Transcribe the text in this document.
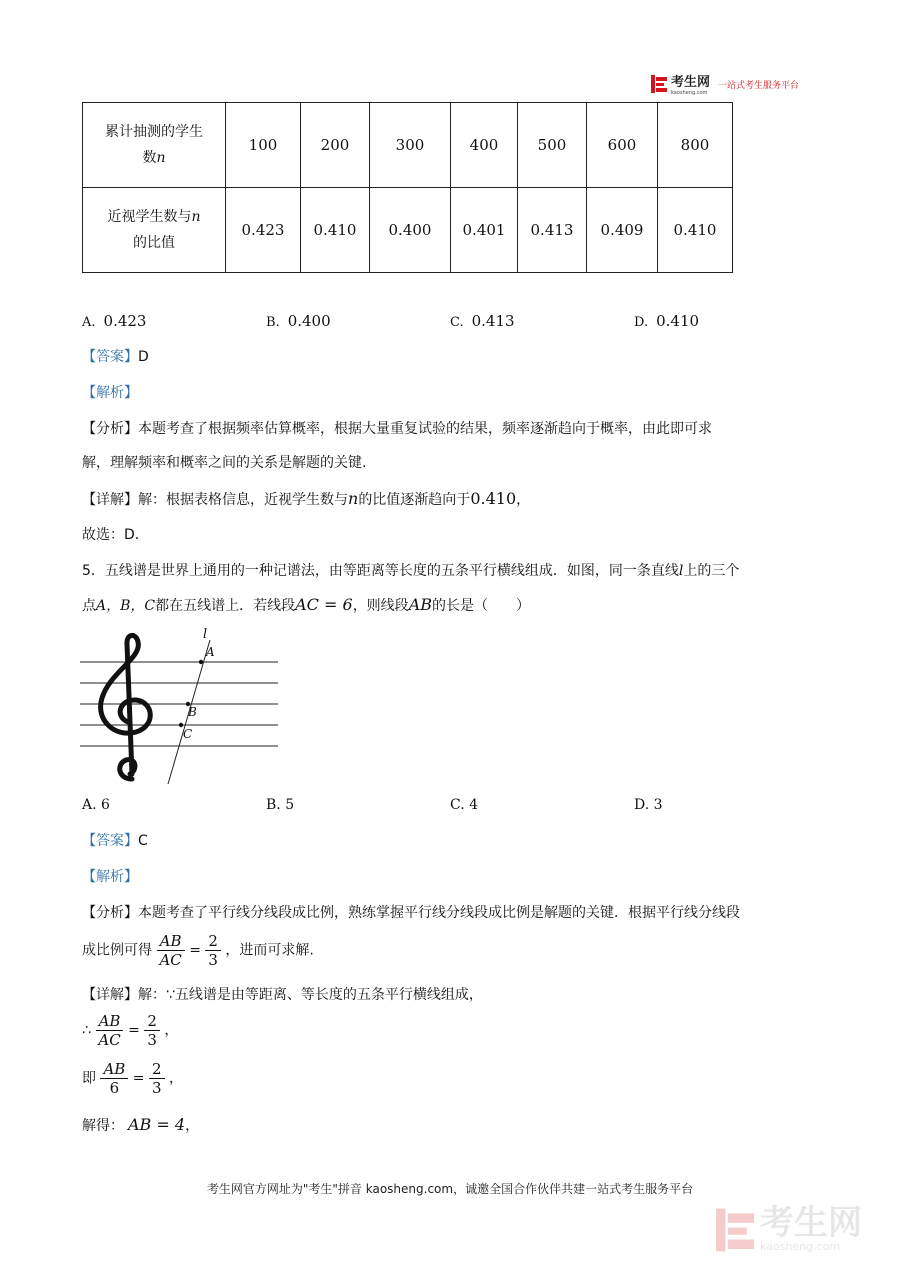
考生网
kaosheng.com
一站式考生服务平台
累计抽测的学生
数n	100	200	300	400	500	600	800
近视学生数与n
的比值	0.423	0.410	0.400	0.401	0.413	0.409	0.410
A. 0.423	B. 0.400	C. 0.413	D. 0.410
【答案】D
【解析】
【分析】本题考查了根据频率估算概率，根据大量重复试验的结果，频率逐渐趋向于概率，由此即可求
解，理解频率和概率之间的关系是解题的关键.
【详解】解：根据表格信息，近视学生数与n的比值逐渐趋向于0.410，
故选：D．
5．五线谱是世界上通用的一种记谱法，由等距离等长度的五条平行横线组成．如图，同一条直线l上的三个
点A，B，C都在五线谱上．若线段AC = 6，则线段AB的长是（　　）
l
A
B
C
A. 6	B. 5	C. 4	D. 3
【答案】C
【解析】
【分析】本题考查了平行线分线段成比例，熟练掌握平行线分线段成比例是解题的关键．根据平行线分线段
成比例可得 $\frac{AB}{AC} = \frac{2}{3}$ ，进而可求解.
【详解】解：∵五线谱是由等距离、等长度的五条平行横线组成，
∴ $\frac{AB}{AC} = \frac{2}{3}$ ，
即 $\frac{AB}{6} = \frac{2}{3}$ ，
解得： AB = 4，
考生网官方网址为"考生"拼音 kaosheng.com，诚邀全国合作伙伴共建一站式考生服务平台
考生网
kaosheng.com
